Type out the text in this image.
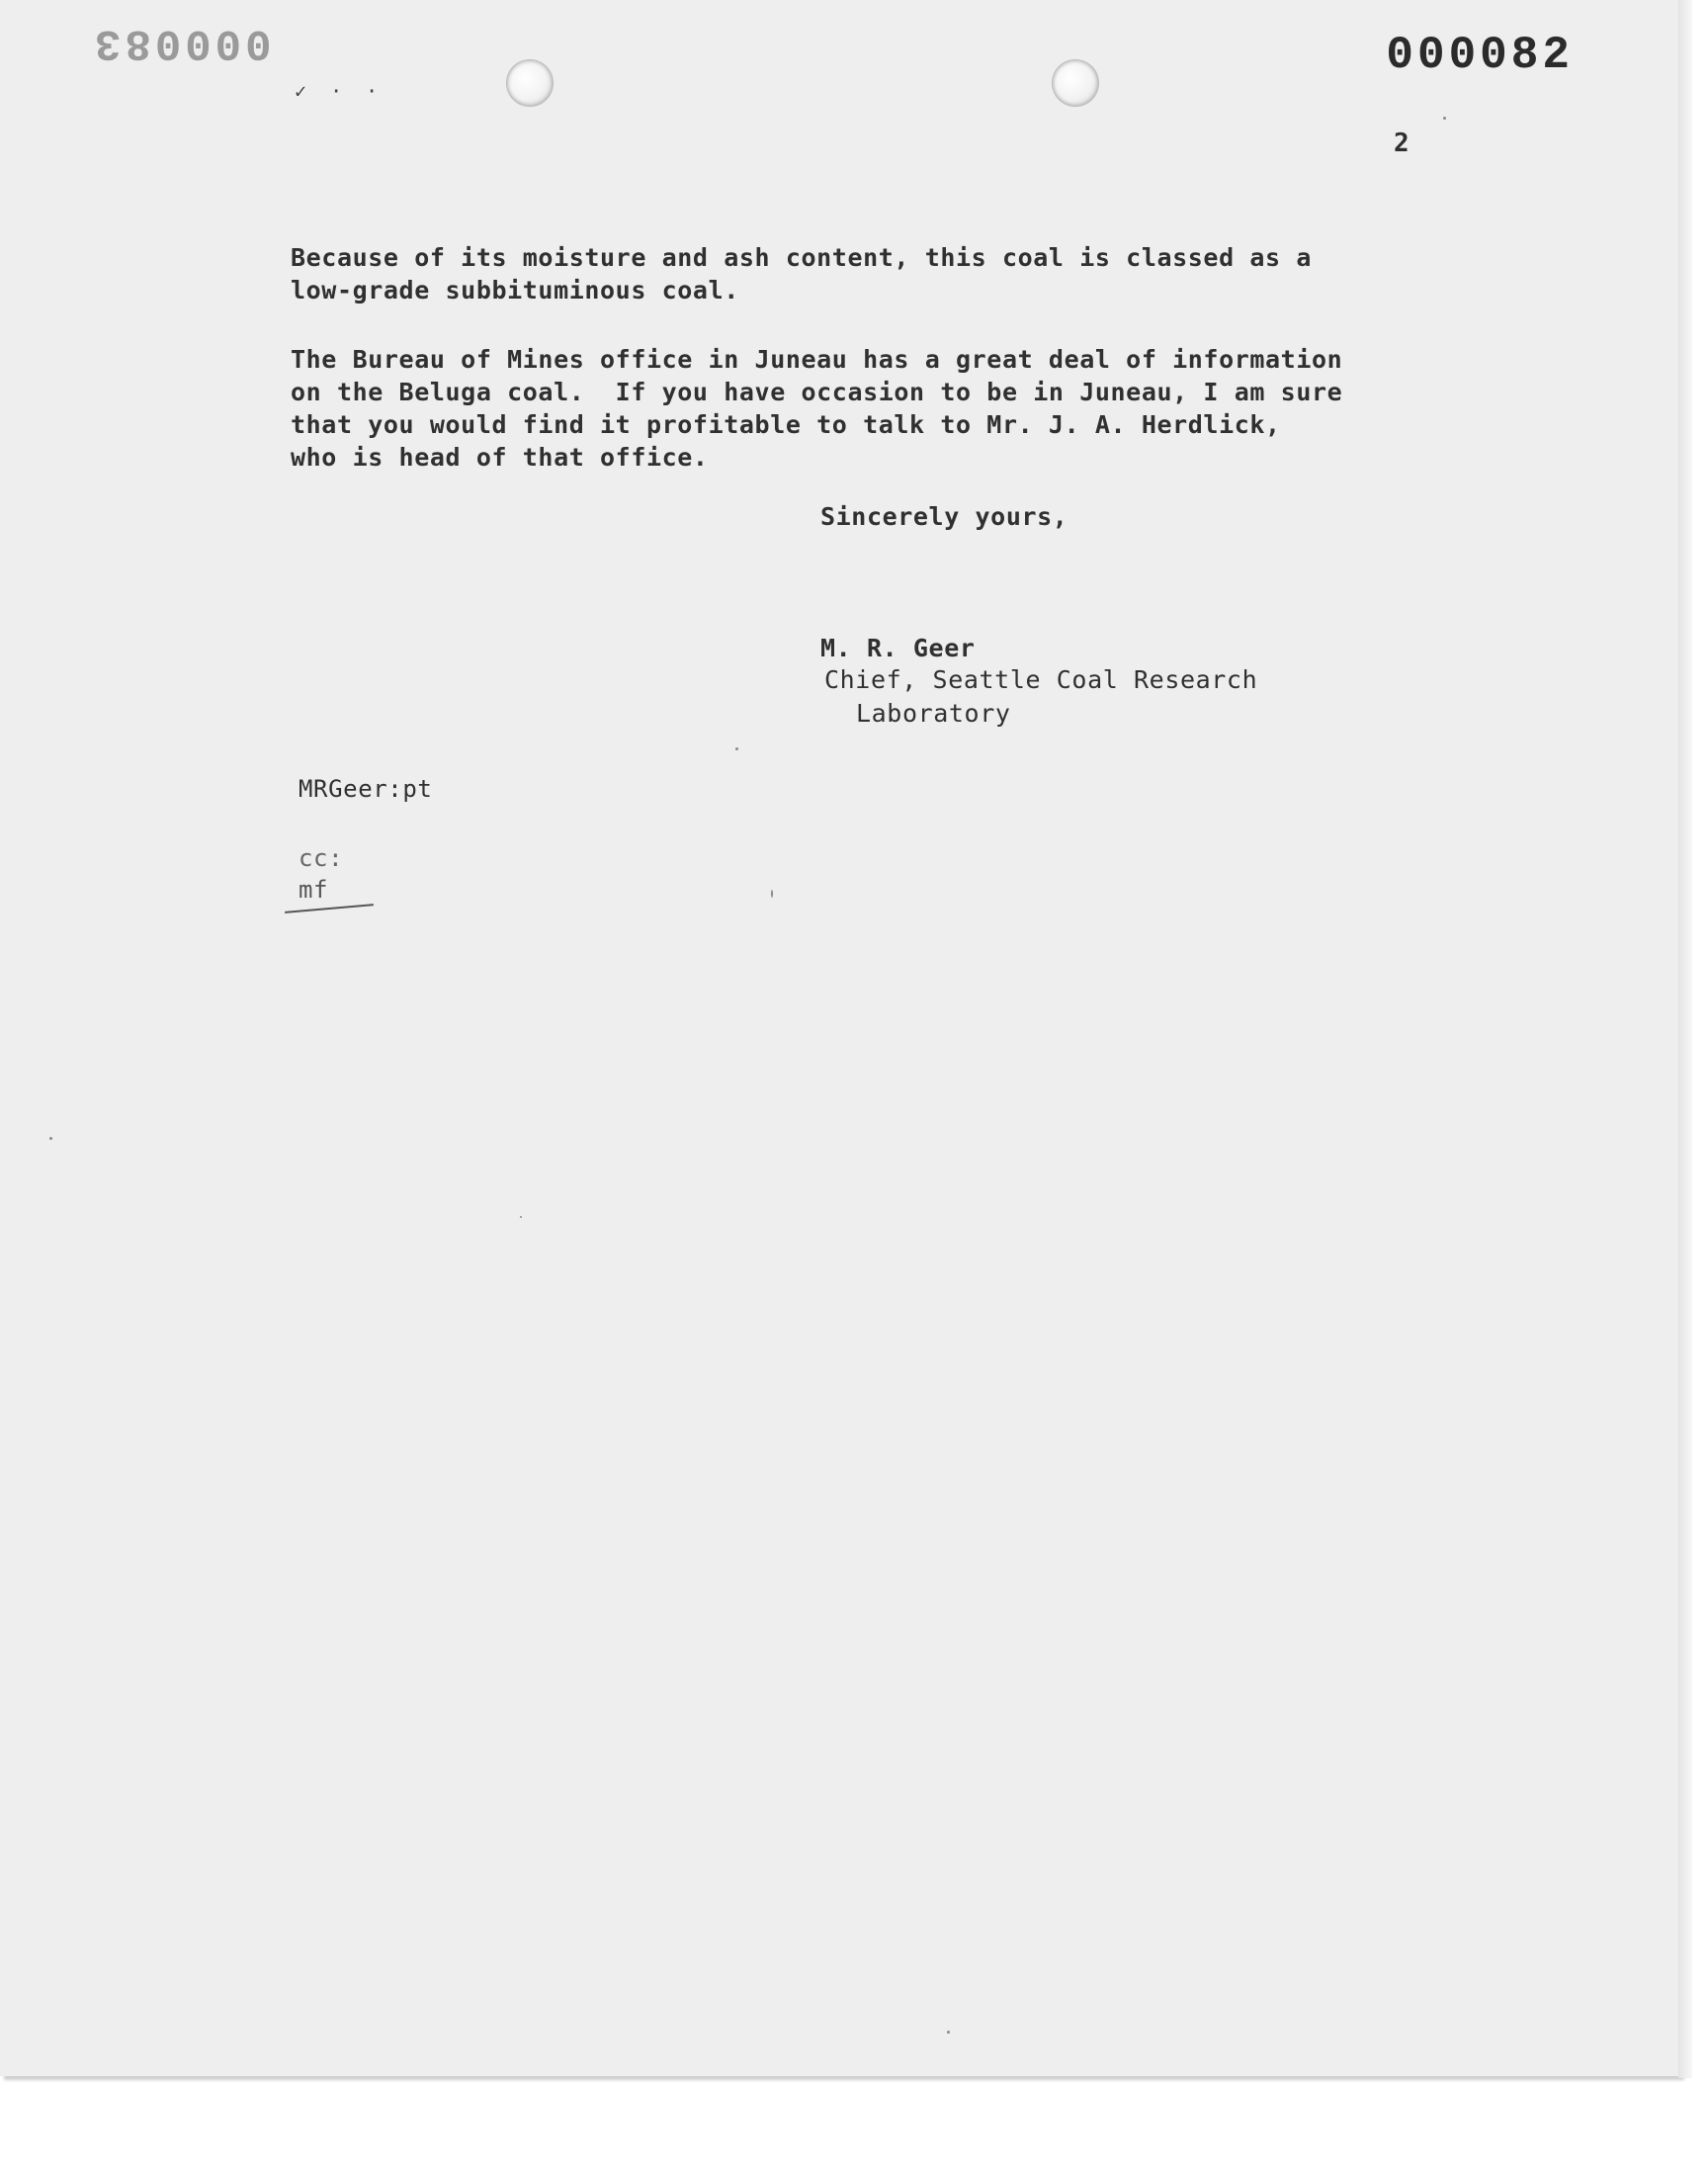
000083	000082
✓ · ·
2
Because of its moisture and ash content, this coal is classed as a
low-grade subbituminous coal.
The Bureau of Mines office in Juneau has a great deal of information
on the Beluga coal.  If you have occasion to be in Juneau, I am sure
that you would find it profitable to talk to Mr. J. A. Herdlick,
who is head of that office.
Sincerely yours,
M. R. Geer
Chief, Seattle Coal Research
Laboratory
MRGeer:pt
cc:
mf
